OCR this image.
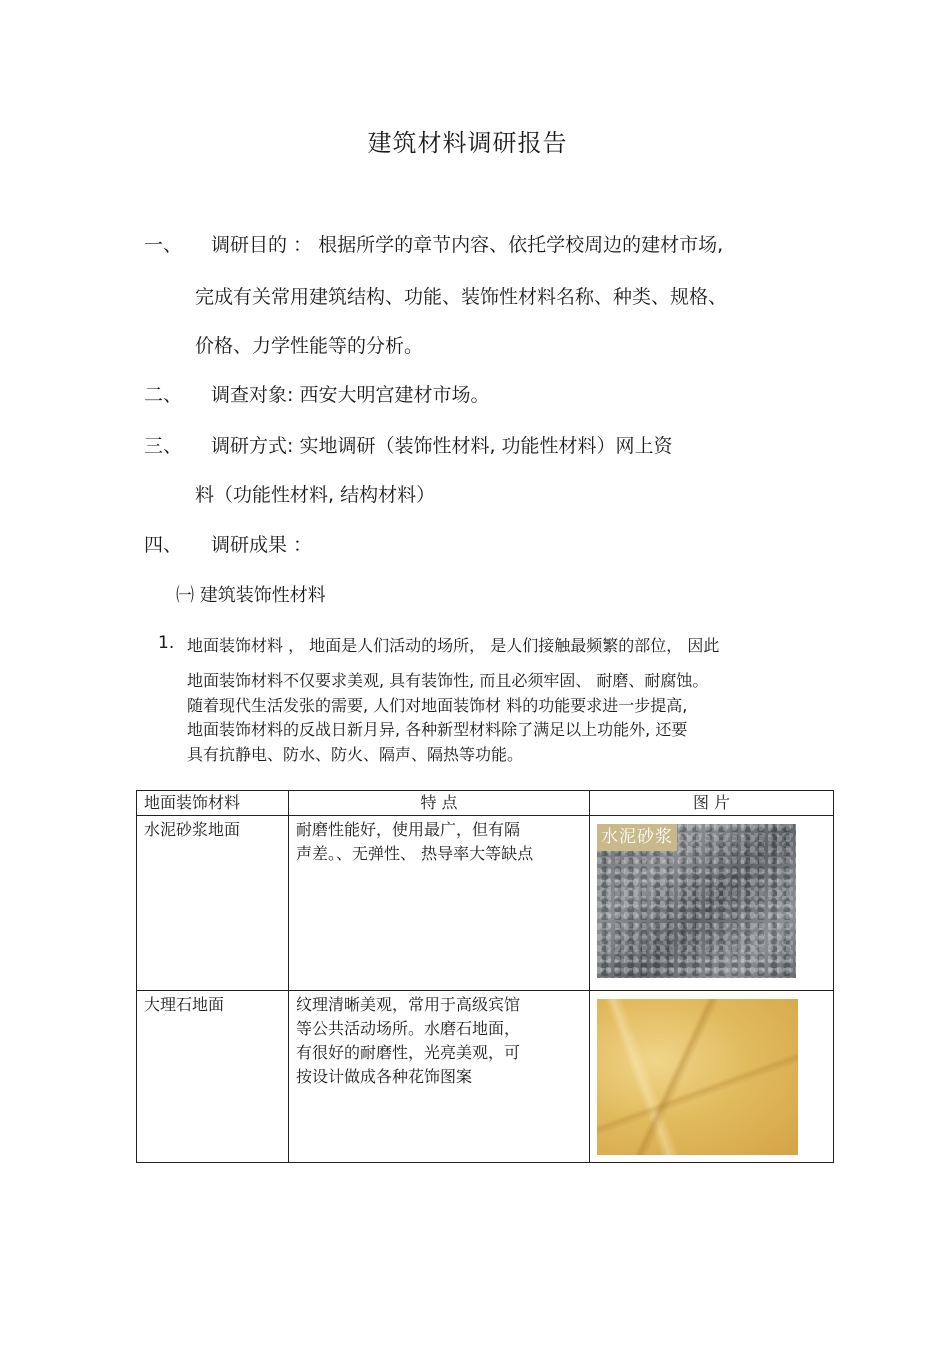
建筑材料调研报告
一、 调研目的 ： 根据所学的章节内容、依托学校周边的建材市场,
完成有关常用建筑结构、功能、装饰性材料名称、种类、规格、
价格、力学性能等的分析。
二、 调查对象: 西安大明宫建材市场。
三、 调研方式: 实地调研（装饰性材料, 功能性材料）网上资
料（功能性材料, 结构材料）
四、 调研成果 ：
㈠ 建筑装饰性材料
1. 地面装饰材料 ， 地面是人们活动的场所， 是人们接触最频繁的部位， 因此
地面装饰材料不仅要求美观, 具有装饰性, 而且必须牢固、 耐磨、耐腐蚀。
随着现代生活发张的需要, 人们对地面装饰材 料的功能要求进一步提高,
地面装饰材料的反战日新月异, 各种新型材料除了满足以上功能外, 还要
具有抗静电、防水、防火、隔声、隔热等功能。
地面装饰材料	特 点	图 片
水泥砂浆地面	耐磨性能好，使用最广，但有隔
声差。、无弹性、 热导率大等缺点	水泥砂浆

大理石地面	纹理清晰美观，常用于高级宾馆
等公共活动场所。水磨石地面，
有很好的耐磨性，光亮美观，可
按设计做成各种花饰图案	
